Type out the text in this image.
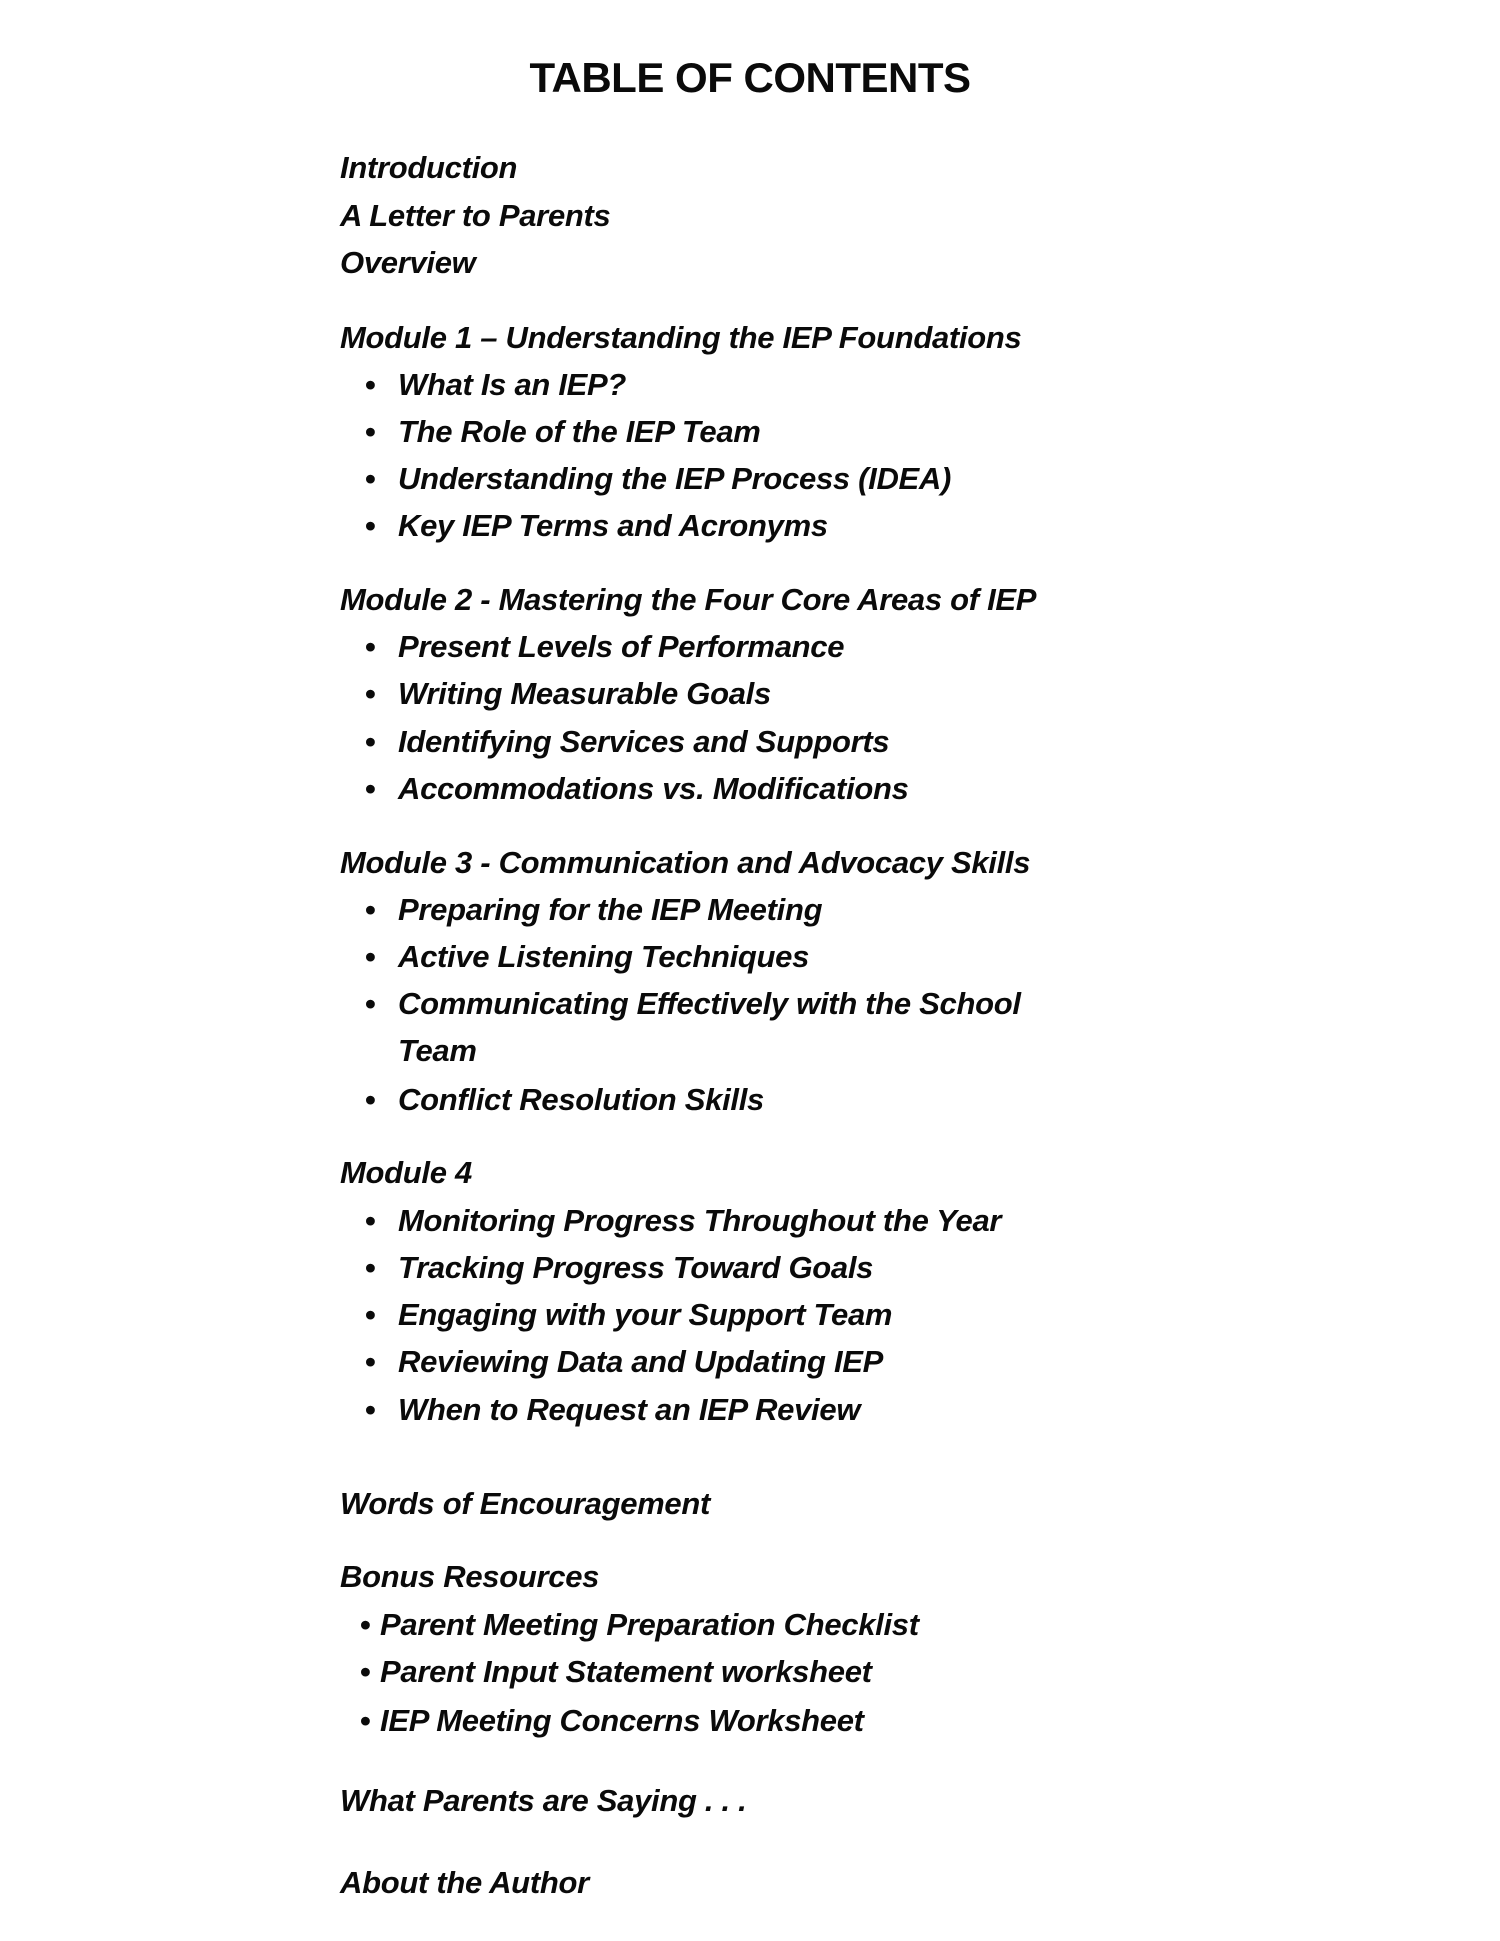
TABLE OF CONTENTS
Introduction
A Letter to Parents
Overview
Module 1 – Understanding the IEP Foundations
• What Is an IEP?
• The Role of the IEP Team
• Understanding the IEP Process (IDEA)
• Key IEP Terms and Acronyms
Module 2 - Mastering the Four Core Areas of IEP
• Present Levels of Performance
• Writing Measurable Goals
• Identifying Services and Supports
• Accommodations vs. Modifications
Module 3 - Communication and Advocacy Skills
• Preparing for the IEP Meeting
• Active Listening Techniques
• Communicating Effectively with the School
Team
• Conflict Resolution Skills
Module 4
• Monitoring Progress Throughout the Year
• Tracking Progress Toward Goals
• Engaging with your Support Team
• Reviewing Data and Updating IEP
• When to Request an IEP Review
Words of Encouragement
Bonus Resources
• Parent Meeting Preparation Checklist
• Parent Input Statement worksheet
• IEP Meeting Concerns Worksheet
What Parents are Saying . . .
About the Author
